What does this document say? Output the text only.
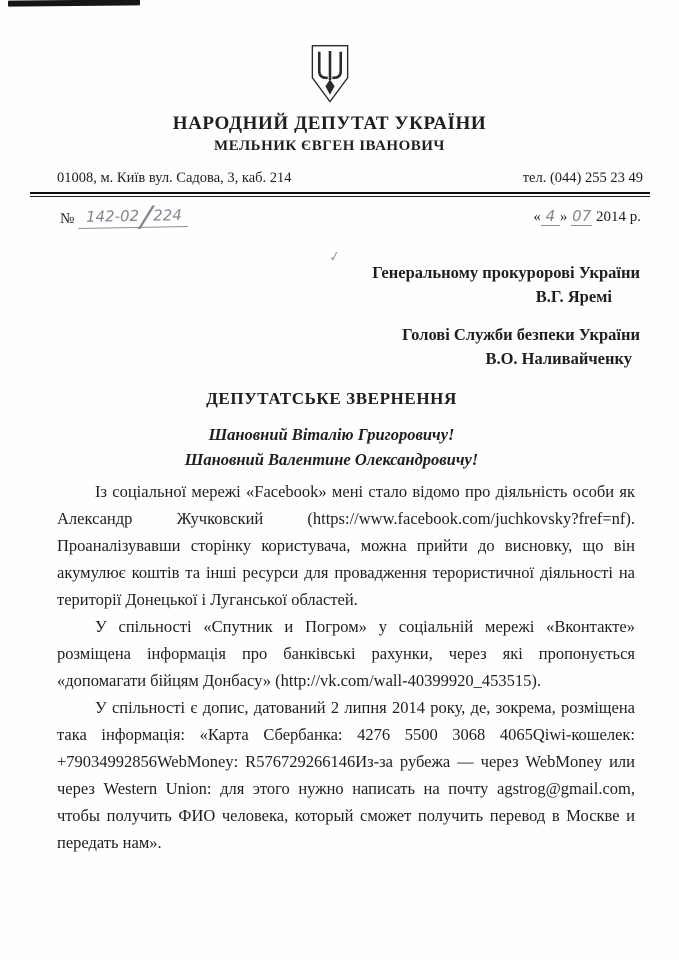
НАРОДНИЙ ДЕПУТАТ УКРАЇНИ
МЕЛЬНИК ЄВГЕН ІВАНОВИЧ
01008, м. Київ вул. Садова, 3, каб. 214	тел. (044) 255 23 49
№ 142-02/224	« 4 » 07 2014 р.
✓
Генеральному прокуророві України
В.Г. Яремі
Голові Служби безпеки України
В.О. Наливайченку
ДЕПУТАТСЬКЕ ЗВЕРНЕННЯ
Шановний Віталію Григоровичу!
Шановний Валентине Олександровичу!

Із соціальної мережі «Facebook» мені стало відомо про діяльність особи як Александр Жучковский (https://www.facebook.com/juchkovsky?fref=nf). Проаналізувавши сторінку користувача, можна прийти до висновку, що він акумулює коштів та інші ресурси для провадження терористичної діяльності на території Донецької і Луганської областей.

У спільності «Спутник и Погром» у соціальній мережі «Вконтакте» розміщена інформація про банківські рахунки, через які пропонується «допомагати бійцям Донбасу» (http://vk.com/wall-40399920_453515).

У спільності є допис, датований 2 липня 2014 року, де, зокрема, розміщена така інформація: «Карта Сбербанка: 4276 5500 3068 4065Qiwi-кошелек: +79034992856WebMoney: R576729266146Из-за рубежа — через WebMoney или через Western Union: для этого нужно написать на почту agstrog@gmail.com, чтобы получить ФИО человека, который сможет получить перевод в Москве и передать нам».
